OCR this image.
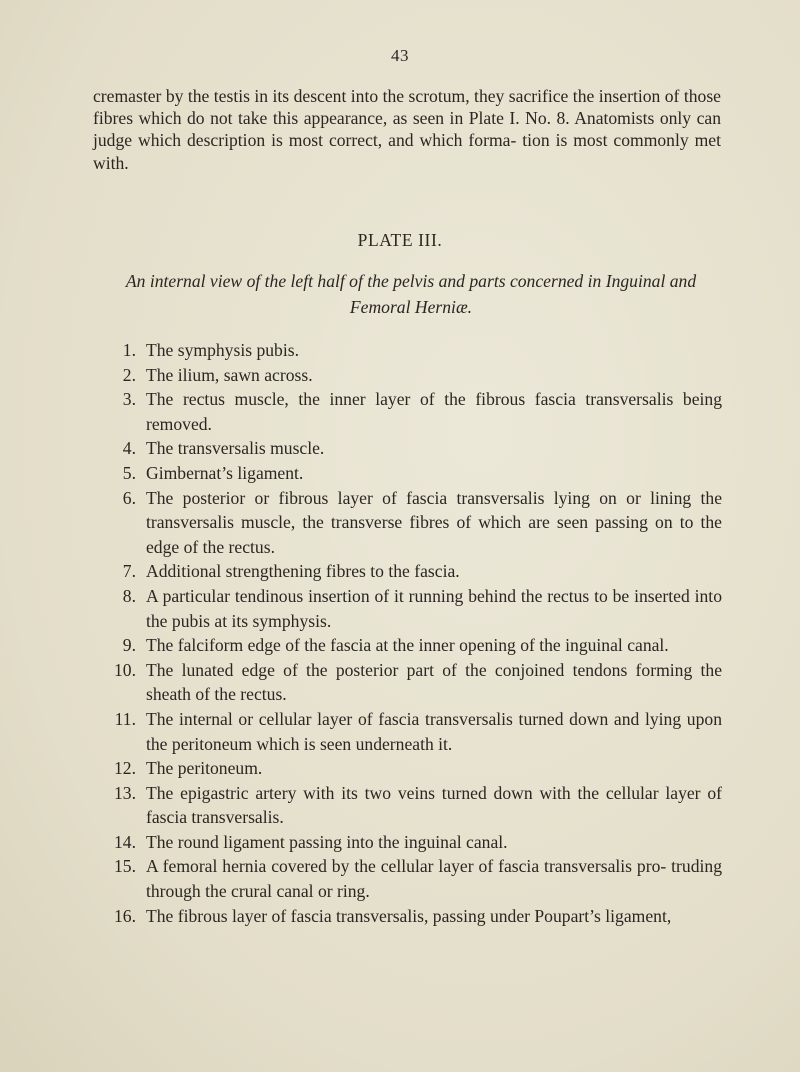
43

cremaster by the testis in its descent into the scrotum, they sacrifice the insertion of those fibres which do not take this appearance, as seen in Plate I. No. 8. Anatomists only can judge which description is most correct, and which forma- tion is most commonly met with.

PLATE III.

An internal view of the left half of the pelvis and parts concerned in Inguinal and Femoral Herniæ.

1. The symphysis pubis.
2. The ilium, sawn across.
3. The rectus muscle, the inner layer of the fibrous fascia transversalis being removed.
4. The transversalis muscle.
5. Gimbernat’s ligament.
6. The posterior or fibrous layer of fascia transversalis lying on or lining the transversalis muscle, the transverse fibres of which are seen passing on to the edge of the rectus.
7. Additional strengthening fibres to the fascia.
8. A particular tendinous insertion of it running behind the rectus to be inserted into the pubis at its symphysis.
9. The falciform edge of the fascia at the inner opening of the inguinal canal.
10. The lunated edge of the posterior part of the conjoined tendons forming the sheath of the rectus.
11. The internal or cellular layer of fascia transversalis turned down and lying upon the peritoneum which is seen underneath it.
12. The peritoneum.
13. The epigastric artery with its two veins turned down with the cellular layer of fascia transversalis.
14. The round ligament passing into the inguinal canal.
15. A femoral hernia covered by the cellular layer of fascia transversalis pro- truding through the crural canal or ring.
16. The fibrous layer of fascia transversalis, passing under Poupart’s ligament,
